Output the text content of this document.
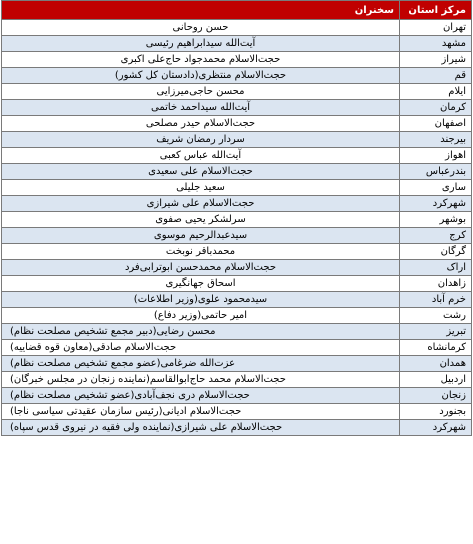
مرکز استان	سخنران
تهران	حسن روحانی
مشهد	آیت‌الله سیدابراهیم رئیسی
شیراز	حجت‌الاسلام محمدجواد حاج‌علی اکبری
قم	حجت‌الاسلام منتظری(دادستان کل کشور)
ایلام	محسن حاجی‌میرزایی
کرمان	آیت‌الله سیداحمد خاتمی
اصفهان	حجت‌الاسلام حیدر مصلحی
بیرجند	سردار رمضان شریف
اهواز	آیت‌الله عباس کعبی
بندرعباس	حجت‌الاسلام علی سعیدی
ساری	سعید جلیلی
شهرکرد	حجت‌الاسلام علی شیرازی
بوشهر	سرلشکر یحیی صفوی
کرج	سیدعبدالرحیم موسوی
گرگان	محمدباقر نوبخت
اراک	حجت‌الاسلام محمدحسن ابوترابی‌فرد
زاهدان	اسحاق جهانگیری
خرم آباد	سیدمحمود علوی(وزیر اطلاعات)
رشت	امیر حاتمی(وزیر دفاع)
تبریز	محسن رضایی(دبیر مجمع تشخیص مصلحت نظام)
کرمانشاه	حجت‌الاسلام صادقی(معاون قوه قضاییه)
همدان	عزت‌الله ضرغامی(عضو مجمع تشخیص مصلحت نظام)
اردبیل	حجت‌الاسلام محمد حاج‌ابوالقاسم(نماینده زنجان در مجلس خبرگان)
زنجان	حجت‌الاسلام دری نجف‌آبادی(عضو تشخیص مصلحت نظام)
بجنورد	حجت‌الاسلام ادیانی(رئیس سازمان عقیدتی سیاسی ناجا)
شهرکرد	حجت‌الاسلام علی شیرازی(نماینده ولی فقیه در نیروی قدس سپاه)
